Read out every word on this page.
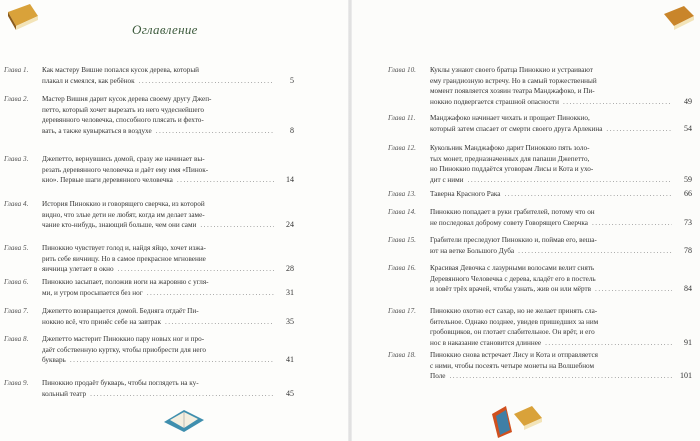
Оглавление
Глава 1. Как мастеру Вишне попался кусок дерева, который
плакал и смеялся, как ребёнок .....	5
Глава 2. Мастер Вишня дарит кусок дерева своему другу Джеп-
петто, который хочет вырезать из него чудеснейшего
деревянного человечка, способного плясать и фехто-
вать, а также кувыркаться в воздухе .....	8
Глава 3. Джепетто, вернувшись домой, сразу же начинает вы-
резать деревянного человечка и даёт ему имя «Пинок-
кио». Первые шаги деревянного человечка .....	14
Глава 4. История Пиноккио и говорящего сверчка, из которой
видно, что злые дети не любят, когда им делает заме-
чание кто-нибудь, знающий больше, чем они сами .....	24
Глава 5. Пиноккио чувствует голод и, найдя яйцо, хочет изжа-
рить себе яичницу. Но в самое прекрасное мгновение
яичница улетает в окно .....	28
Глава 6. Пиноккио засыпает, положив ноги на жаровню с угля-
ми, и утром просыпается без ног .....	31
Глава 7. Джепетто возвращается домой. Бедняга отдаёт Пи-
ноккио всё, что принёс себе на завтрак .....	35
Глава 8. Джепетто мастерит Пиноккио пару новых ног и про-
даёт собственную куртку, чтобы приобрести для него
букварь .....	41
Глава 9. Пиноккио продаёт букварь, чтобы поглядеть на ку-
кольный театр .....	45
Глава 10. Куклы узнают своего братца Пиноккио и устраивают
ему грандиозную встречу. Но в самый торжественный
момент появляется хозяин театра Манджафоко, и Пи-
ноккио подвергается страшной опасности .....	49
Глава 11. Манджафоко начинает чихать и прощает Пиноккио,
который затем спасает от смерти своего друга Арлекина .....	54
Глава 12. Кукольник Манджафоко дарит Пиноккио пять золо-
тых монет, предназначенных для папаши Джепетто,
но Пиноккио поддаётся уговорам Лисы и Кота и ухо-
дит с ними .....	59
Глава 13. Таверна Красного Рака .....	66
Глава 14. Пиноккио попадает в руки грабителей, потому что он
не последовал доброму совету Говорящего Сверчка .....	73
Глава 15. Грабители преследуют Пиноккио и, поймав его, веша-
ют на ветке Большого Дуба .....	78
Глава 16. Красивая Девочка с лазурными волосами велит снять
Деревянного Человечка с дерева, кладёт его в постель
и зовёт трёх врачей, чтобы узнать, жив он или мёртв .....	84
Глава 17. Пиноккио охотно ест сахар, но не желает принять сла-
бительное. Однако позднее, увидев пришедших за ним
гробовщиков, он глотает слабительное. Он врёт, и его
нос в наказание становится длиннее .....	91
Глава 18. Пиноккио снова встречает Лису и Кота и отправляется
с ними, чтобы посеять четыре монеты на Волшебном
Поле .....	101
